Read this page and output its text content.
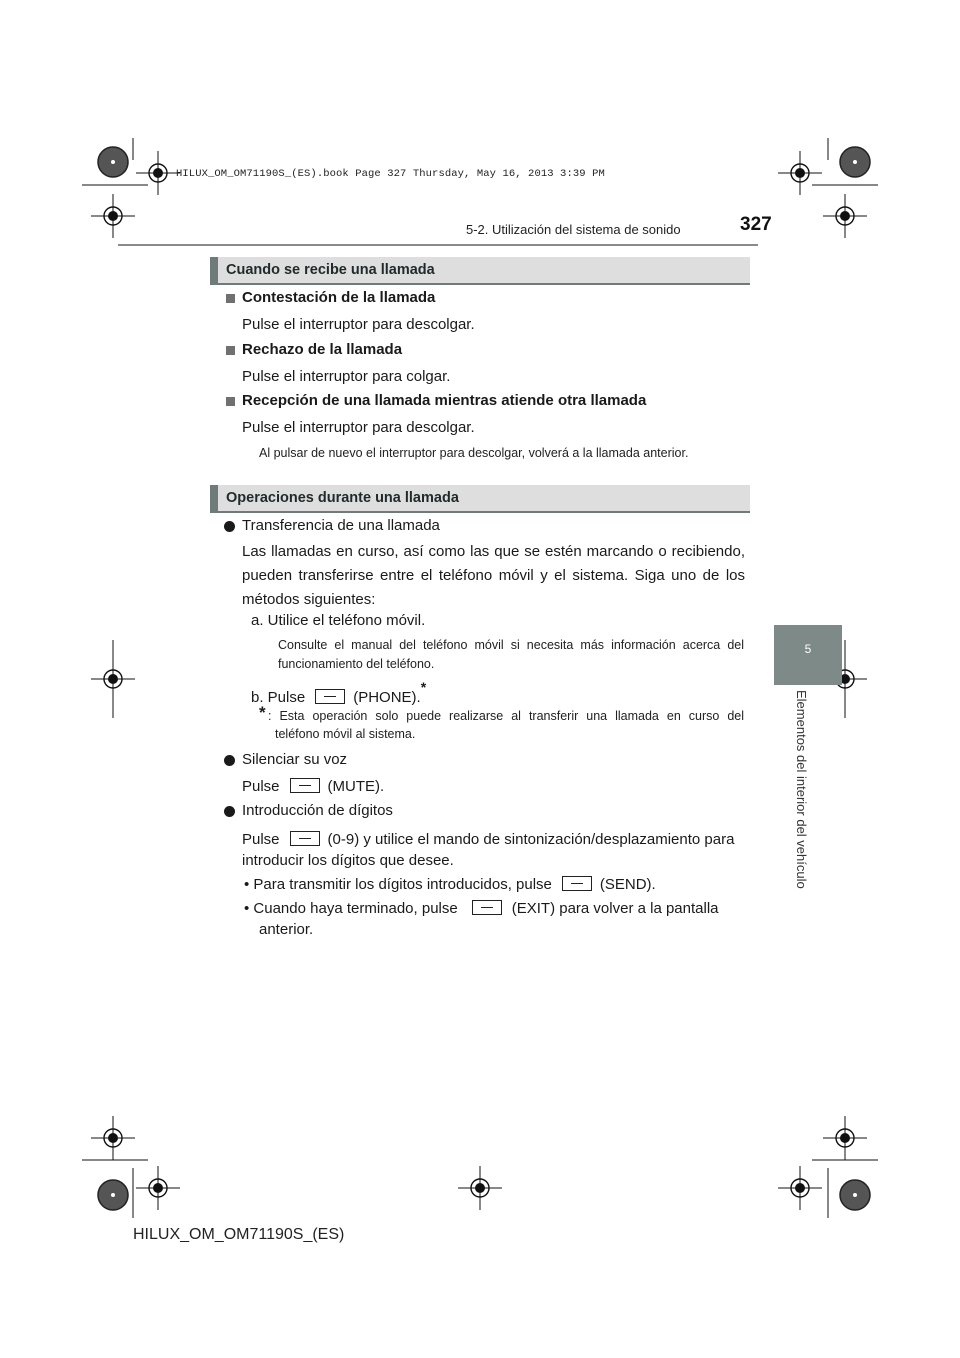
HILUX_OM_OM71190S_(ES).book Page 327 Thursday, May 16, 2013 3:39 PM
5-2. Utilización del sistema de sonido	327
5
Elementos del interior del vehículo
Cuando se recibe una llamada
Contestación de la llamada
Pulse el interruptor para descolgar.
Rechazo de la llamada
Pulse el interruptor para colgar.
Recepción de una llamada mientras atiende otra llamada
Pulse el interruptor para descolgar.
Al pulsar de nuevo el interruptor para descolgar, volverá a la llamada anterior.
Operaciones durante una llamada
Transferencia de una llamada
Las llamadas en curso, así como las que se estén marcando o recibiendo,
pueden transferirse entre el teléfono móvil y el sistema. Siga uno de los
métodos siguientes:
a. Utilice el teléfono móvil.
Consulte el manual del teléfono móvil si necesita más información acerca del
funcionamiento del teléfono.
b. Pulse	(PHONE).*
* : Esta operación solo puede realizarse al transferir una llamada en curso del
teléfono móvil al sistema.
Silenciar su voz
Pulse	(MUTE).
Introducción de dígitos
Pulse	(0-9) y utilice el mando de sintonización/desplazamiento para
introducir los dígitos que desee.
• Para transmitir los dígitos introducidos, pulse	(SEND).
• Cuando haya terminado, pulse	(EXIT) para volver a la pantalla
anterior.
HILUX_OM_OM71190S_(ES)
